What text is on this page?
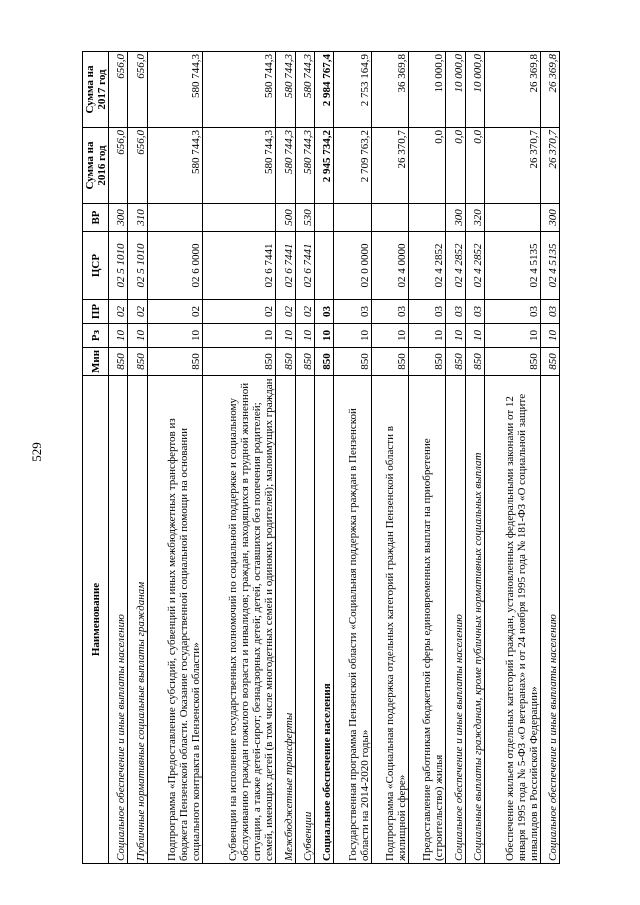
529
Наименование	Мин	Рз	ПР	ЦСР	ВР	Сумма на 2016 год	Сумма на 2017 год
Социальное обеспечение и иные выплаты населению	850	10	02	02 5 1010	300	656,0	656,0
Публичные нормативные социальные выплаты гражданам	850	10	02	02 5 1010	310	656,0	656,0
Подпрограмма «Предоставление субсидий, субвенций и иных межбюджетных трансфертов из бюджета Пензенской области. Оказание государственной социальной помощи на основании социального контракта в Пензенской области»	850	10	02	02 6 0000		580 744,3	580 744,3
Субвенции на исполнение государственных полномочий по социальной поддержке и социальному обслуживанию граждан пожилого возраста и инвалидов; граждан, находящихся в трудной жизненной ситуации, а также детей-сирот; безнадзорных детей; детей, оставшихся без попечения родителей; семей, имеющих детей (в том числе многодетных семей и одиноких родителей); малоимущих граждан	850	10	02	02 6 7441		580 744,3	580 744,3
Межбюджетные трансферты	850	10	02	02 6 7441	500	580 744,3	580 744,3
Субвенции	850	10	02	02 6 7441	530	580 744,3	580 744,3
Социальное обеспечение населения	850	10	03			2 945 734,2	2 984 767,4
Государственная программа Пензенской области «Социальная поддержка граждан в Пензенской области на 2014-2020 годы»	850	10	03	02 0 0000		2 709 763,2	2 753 164,9
Подпрограмма «Социальная поддержка отдельных категорий граждан Пензенской области в жилищной сфере»	850	10	03	02 4 0000		26 370,7	36 369,8
Предоставление работникам бюджетной сферы единовременных выплат на приобретение (строительство) жилья	850	10	03	02 4 2852		0,0	10 000,0
Социальное обеспечение и иные выплаты населению	850	10	03	02 4 2852	300	0,0	10 000,0
Социальные выплаты гражданам, кроме публичных нормативных социальных выплат	850	10	03	02 4 2852	320	0,0	10 000,0
Обеспечение жильем отдельных категорий граждан, установленных федеральными законами от 12 января 1995 года № 5-ФЗ «О ветеранах» и от 24 ноября 1995 года № 181-ФЗ «О социальной защите инвалидов в Российской Федерации»	850	10	03	02 4 5135		26 370,7	26 369,8
Социальное обеспечение и иные выплаты населению	850	10	03	02 4 5135	300	26 370,7	26 369,8
